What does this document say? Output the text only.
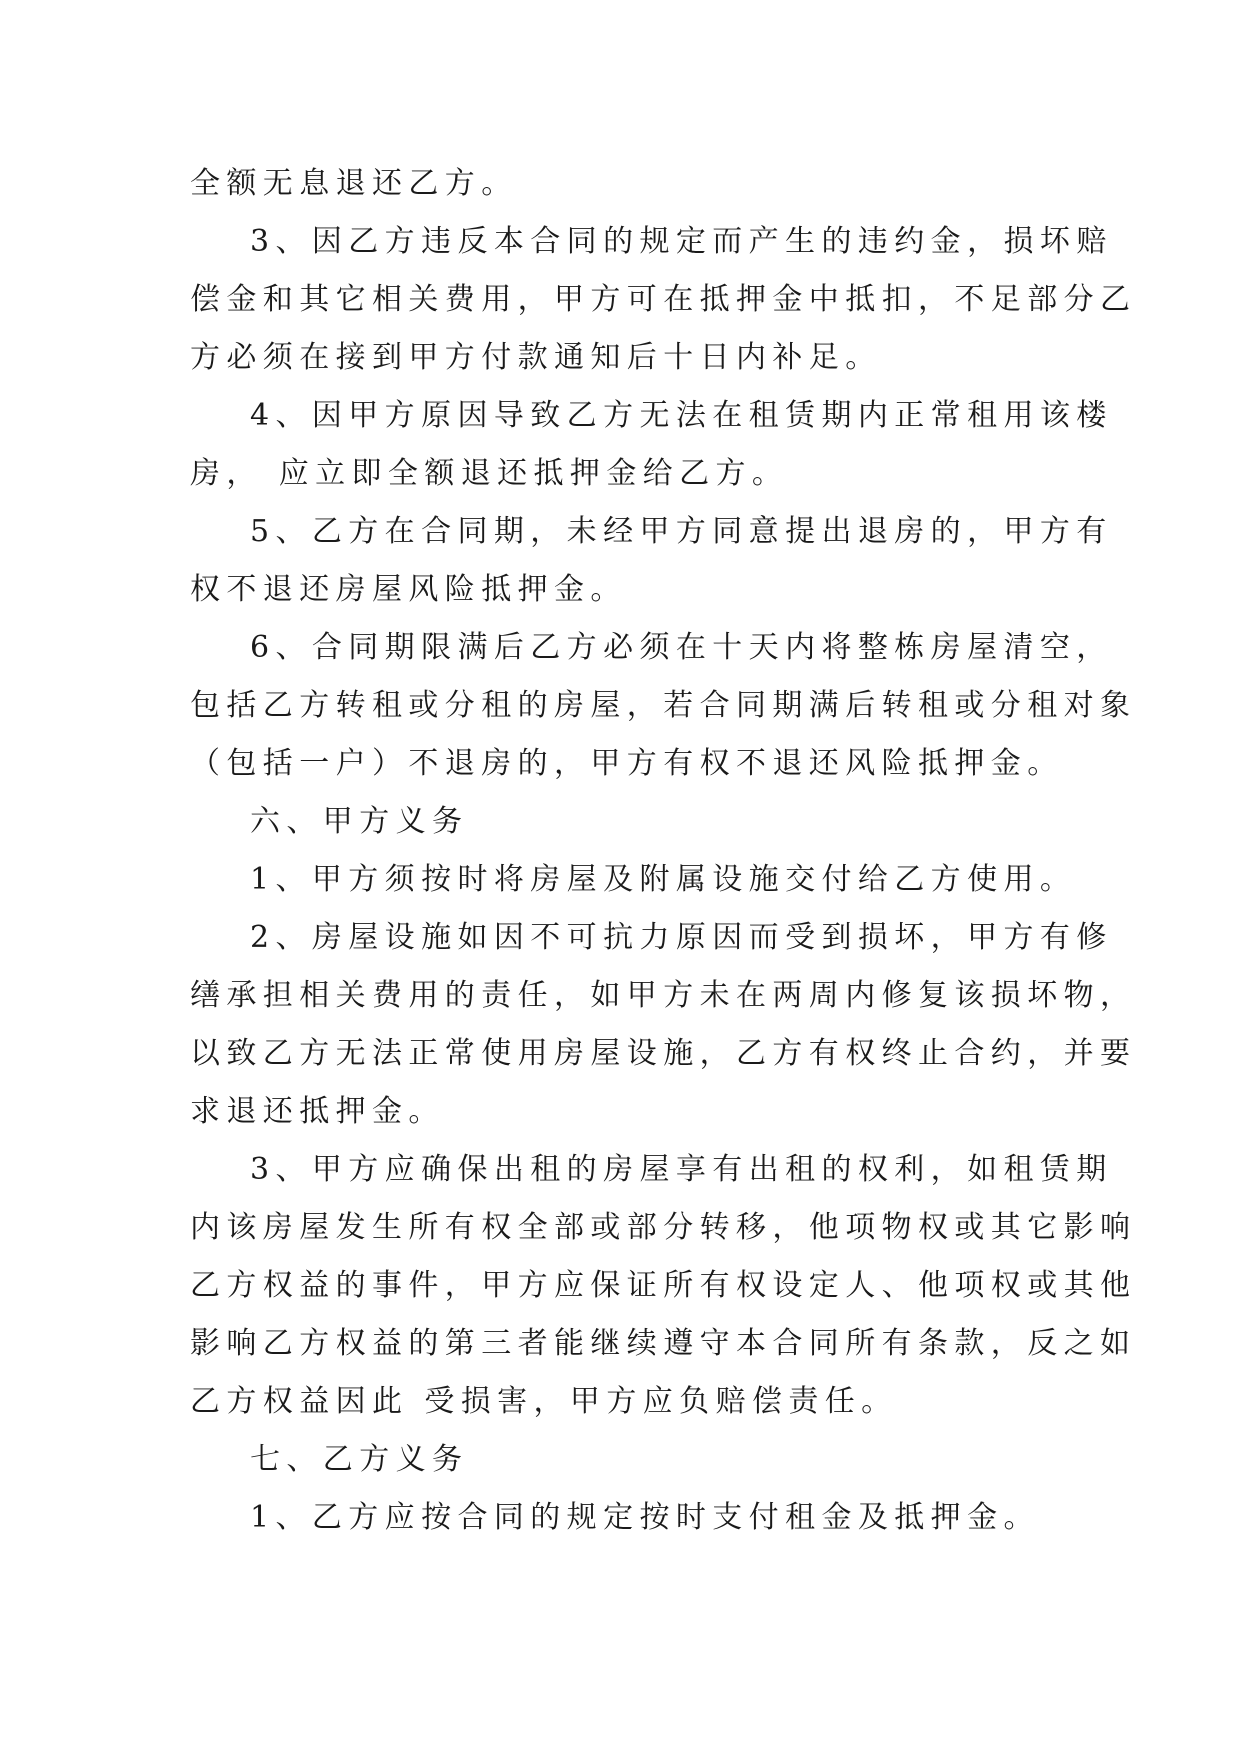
全额无息退还乙方。
3、因乙方违反本合同的规定而产生的违约金，损坏赔
偿金和其它相关费用，甲方可在抵押金中抵扣，不足部分乙
方必须在接到甲方付款通知后十日内补足。
4、因甲方原因导致乙方无法在租赁期内正常租用该楼
房， 应立即全额退还抵押金给乙方。
5、乙方在合同期，未经甲方同意提出退房的，甲方有
权不退还房屋风险抵押金。
6、合同期限满后乙方必须在十天内将整栋房屋清空，
包括乙方转租或分租的房屋，若合同期满后转租或分租对象
（包括一户）不退房的，甲方有权不退还风险抵押金。
六、甲方义务
1、甲方须按时将房屋及附属设施交付给乙方使用。
2、房屋设施如因不可抗力原因而受到损坏，甲方有修
缮承担相关费用的责任，如甲方未在两周内修复该损坏物，
以致乙方无法正常使用房屋设施，乙方有权终止合约，并要
求退还抵押金。
3、甲方应确保出租的房屋享有出租的权利，如租赁期
内该房屋发生所有权全部或部分转移，他项物权或其它影响
乙方权益的事件，甲方应保证所有权设定人、他项权或其他
影响乙方权益的第三者能继续遵守本合同所有条款，反之如
乙方权益因此 受损害，甲方应负赔偿责任。
七、乙方义务
1、乙方应按合同的规定按时支付租金及抵押金。
